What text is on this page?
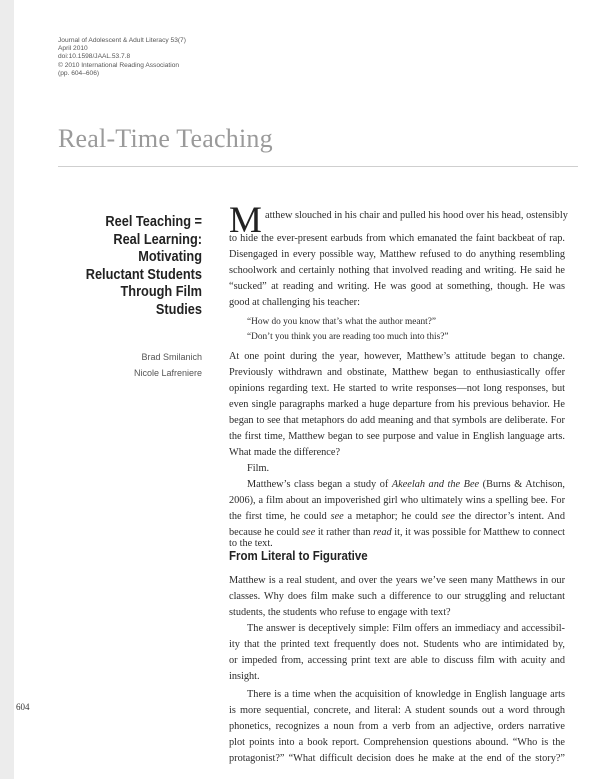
604
Journal of Adolescent & Adult Literacy 53(7)
April 2010
doi:10.1598/JAAL.53.7.8
© 2010 International Reading Association
(pp. 604–606)
Real-Time Teaching
Reel Teaching =
Real Learning:
Motivating
Reluctant Students
Through Film
Studies
Brad Smilanich
Nicole Lafreniere
M atthew slouched in his chair and pulled his hood over his head, ostensibly
to hide the ever-present earbuds from which emanated the faint backbeat of rap.
Disengaged in every possible way, Matthew refused to do anything resembling
schoolwork and certainly nothing that involved reading and writing. He said he
“sucked” at reading and writing. He was good at something, though. He was
good at challenging his teacher:
“How do you know that’s what the author meant?”
“Don’t you think you are reading too much into this?”
At one point during the year, however, Matthew’s attitude began to change.
Previously withdrawn and obstinate, Matthew began to enthusiastically offer
opinions regarding text. He started to write responses—not long responses, but
even single paragraphs marked a huge departure from his previous behavior. He
began to see that metaphors do add meaning and that symbols are deliberate. For
the first time, Matthew began to see purpose and value in English language arts.
What made the difference?
Film.
Matthew’s class began a study of Akeelah and the Bee (Burns & Atchison,
2006), a film about an impoverished girl who ultimately wins a spelling bee. For
the first time, he could see a metaphor; he could see the director’s intent. And
because he could see it rather than read it, it was possible for Matthew to connect
From Literal to Figurative
Matthew is a real student, and over the years we’ve seen many Matthews in our
classes. Why does film make such a difference to our struggling and reluctant
students, the students who refuse to engage with text?
The answer is deceptively simple: Film offers an immediacy and accessibil-
ity that the printed text frequently does not. Students who are intimidated by,
or impeded from, accessing print text are able to discuss film with acuity and
insight.
There is a time when the acquisition of knowledge in English language arts
is more sequential, concrete, and literal: A student sounds out a word through
phonetics, recognizes a noun from a verb from an adjective, orders narrative
plot points into a book report. Comprehension questions abound. “Who is the
protagonist?” “What difficult decision does he make at the end of the story?”
to the text.
